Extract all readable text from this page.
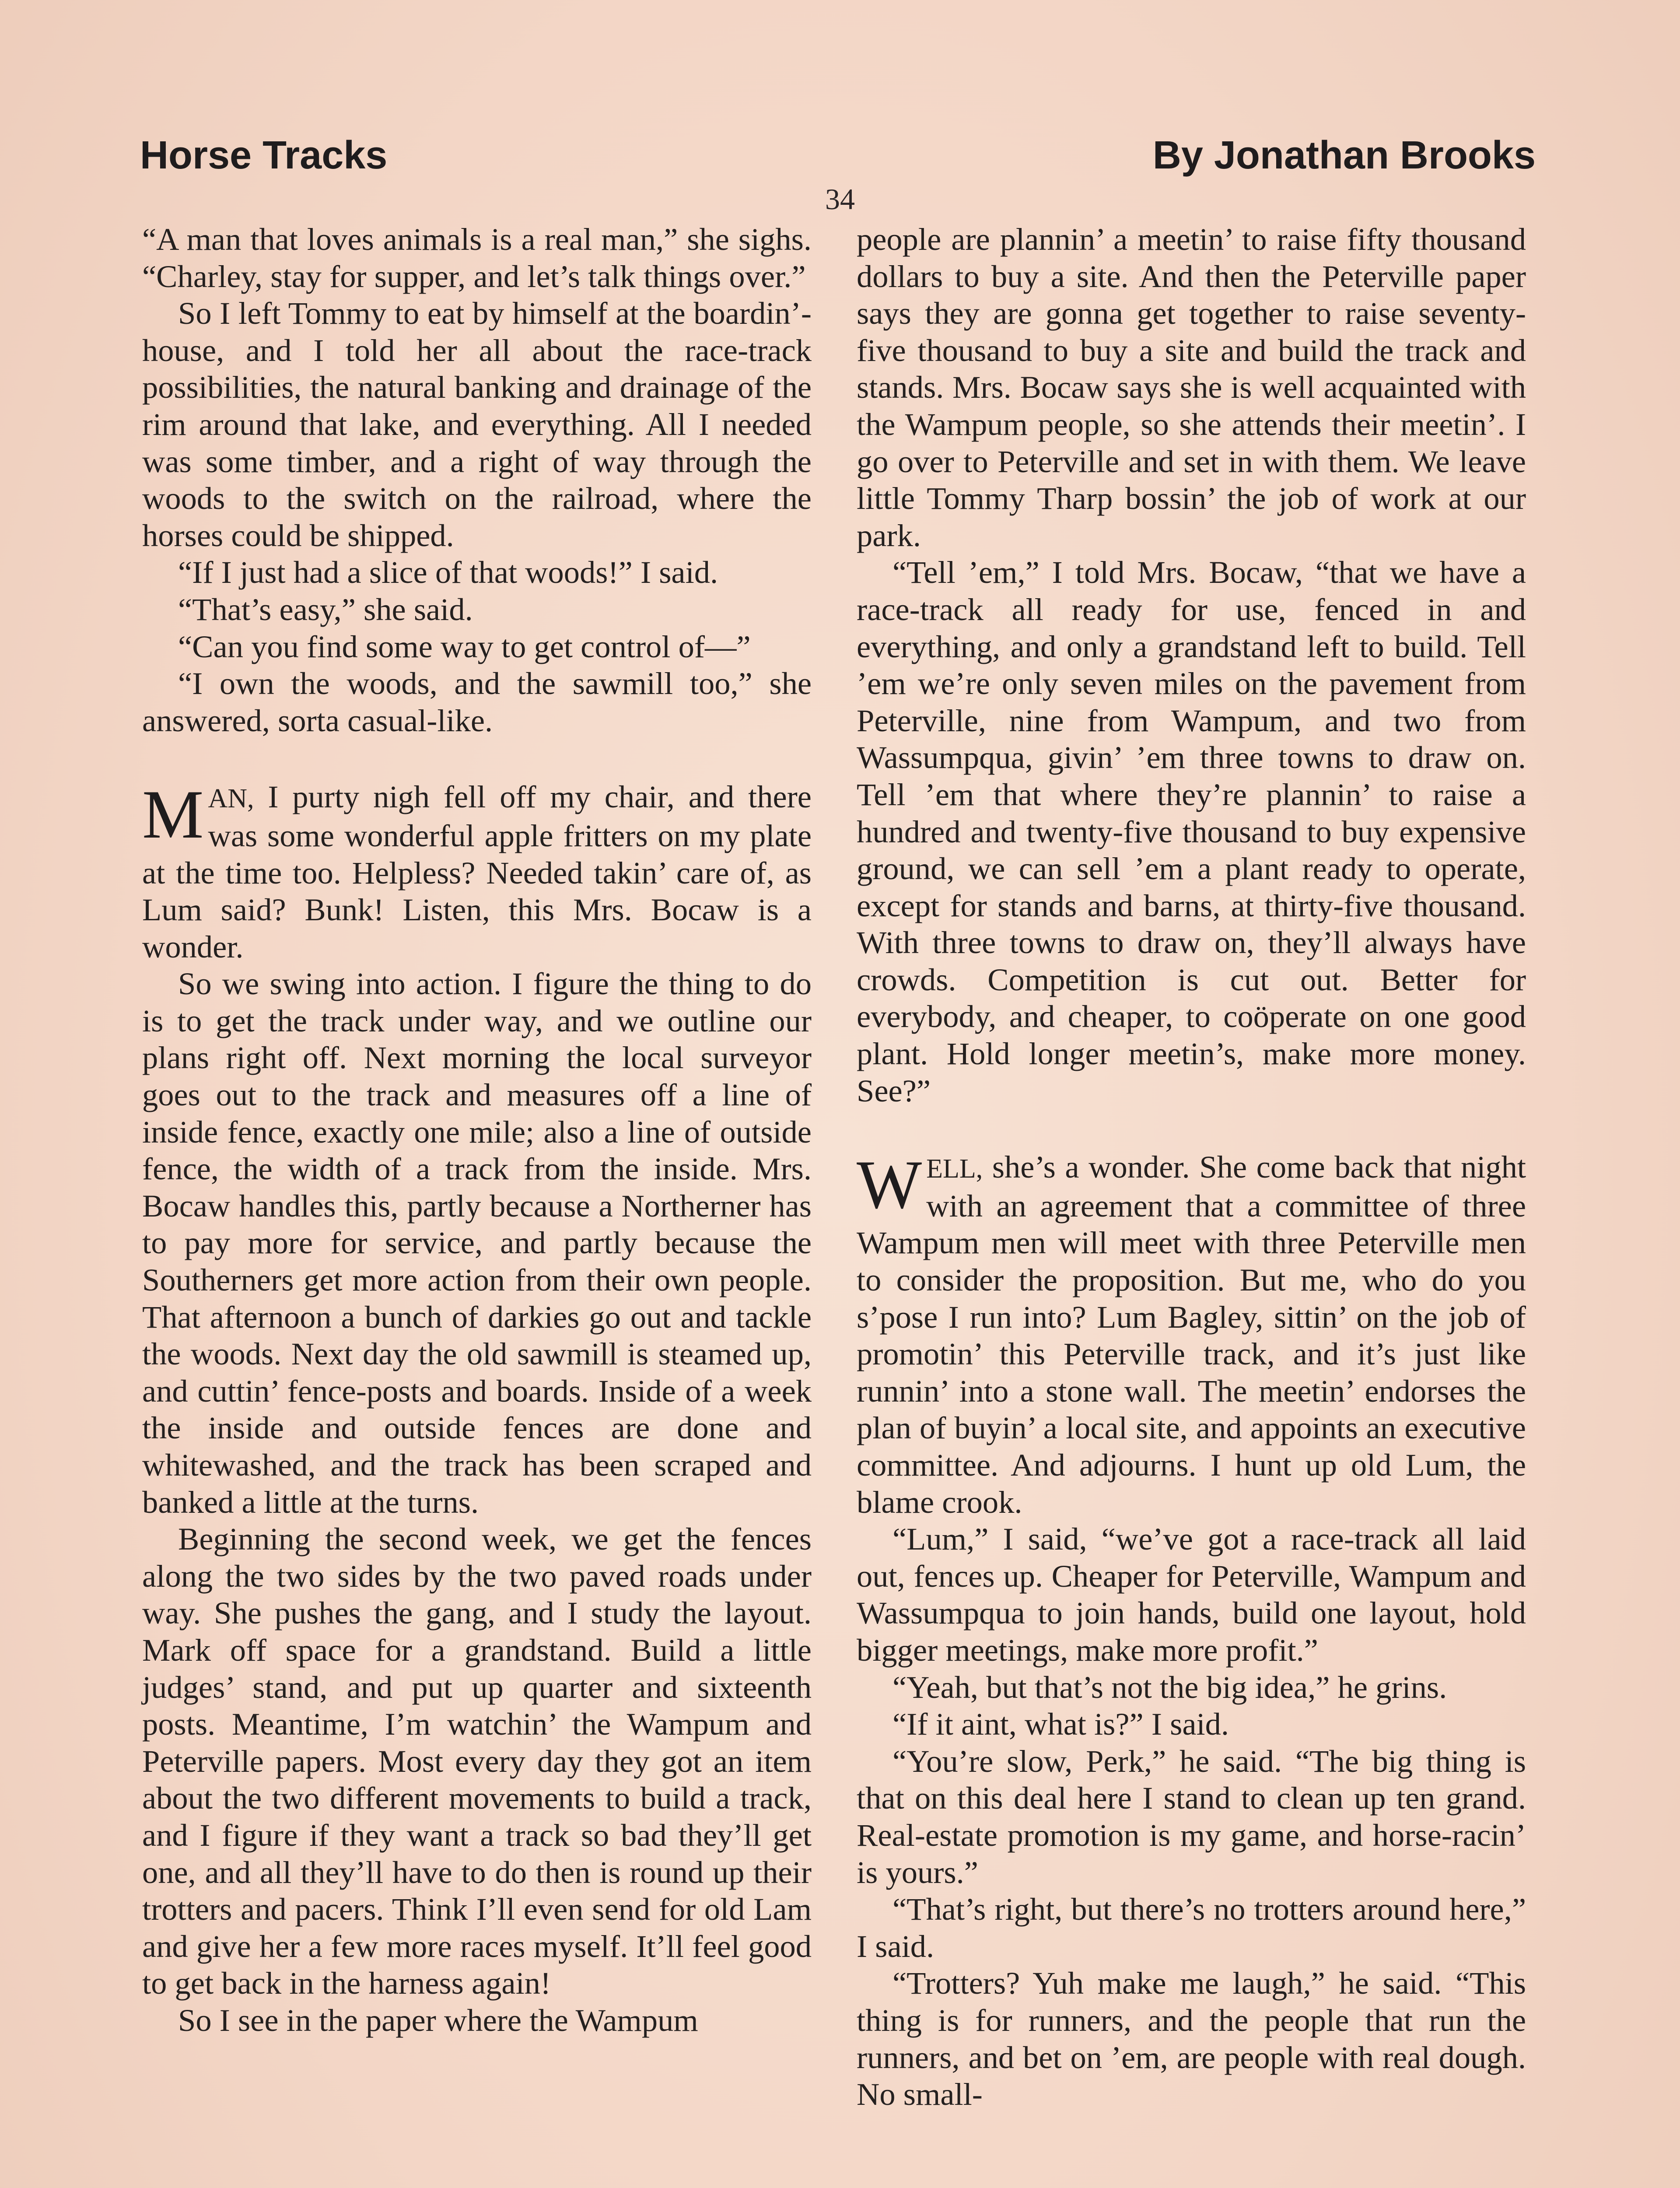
Horse Tracks	By Jonathan Brooks
34

“A man that loves animals is a real man,” she sighs. “Charley, stay for supper, and let’s talk things over.”

So I left Tommy to eat by himself at the boardin’-house, and I told her all about the race-track possibilities, the natural banking and drainage of the rim around that lake, and everything. All I needed was some timber, and a right of way through the woods to the switch on the railroad, where the horses could be shipped.

“If I just had a slice of that woods!” I said.

“That’s easy,” she said.

“Can you find some way to get control of—”

“I own the woods, and the sawmill too,” she answered, sorta casual-like.

MAN, I purty nigh fell off my chair, and there was some wonderful apple fritters on my plate at the time too. Helpless? Needed takin’ care of, as Lum said? Bunk! Listen, this Mrs. Bocaw is a wonder.

So we swing into action. I figure the thing to do is to get the track under way, and we outline our plans right off. Next morning the local surveyor goes out to the track and measures off a line of inside fence, exactly one mile; also a line of outside fence, the width of a track from the inside. Mrs. Bocaw handles this, partly because a Northerner has to pay more for service, and partly because the Southerners get more action from their own people. That afternoon a bunch of darkies go out and tackle the woods. Next day the old sawmill is steamed up, and cuttin’ fence-posts and boards. Inside of a week the inside and outside fences are done and whitewashed, and the track has been scraped and banked a little at the turns.

Beginning the second week, we get the fences along the two sides by the two paved roads under way. She pushes the gang, and I study the layout. Mark off space for a grandstand. Build a little judges’ stand, and put up quarter and sixteenth posts. Meantime, I’m watchin’ the Wampum and Peterville papers. Most every day they got an item about the two different movements to build a track, and I figure if they want a track so bad they’ll get one, and all they’ll have to do then is round up their trotters and pacers. Think I’ll even send for old Lam and give her a few more races myself. It’ll feel good to get back in the harness again!

So I see in the paper where the Wampum

people are plannin’ a meetin’ to raise fifty thousand dollars to buy a site. And then the Peterville paper says they are gonna get together to raise seventy-five thousand to buy a site and build the track and stands. Mrs. Bocaw says she is well acquainted with the Wampum people, so she attends their meetin’. I go over to Peterville and set in with them. We leave little Tommy Tharp bossin’ the job of work at our park.

“Tell ’em,” I told Mrs. Bocaw, “that we have a race-track all ready for use, fenced in and everything, and only a grandstand left to build. Tell ’em we’re only seven miles on the pavement from Peterville, nine from Wampum, and two from Wassumpqua, givin’ ’em three towns to draw on. Tell ’em that where they’re plannin’ to raise a hundred and twenty-five thousand to buy expensive ground, we can sell ’em a plant ready to operate, except for stands and barns, at thirty-five thousand. With three towns to draw on, they’ll always have crowds. Competition is cut out. Better for everybody, and cheaper, to coöperate on one good plant. Hold longer meetin’s, make more money. See?”

WELL, she’s a wonder. She come back that night with an agreement that a committee of three Wampum men will meet with three Peterville men to consider the proposition. But me, who do you s’pose I run into? Lum Bagley, sittin’ on the job of promotin’ this Peterville track, and it’s just like runnin’ into a stone wall. The meetin’ endorses the plan of buyin’ a local site, and appoints an executive committee. And adjourns. I hunt up old Lum, the blame crook.

“Lum,” I said, “we’ve got a race-track all laid out, fences up. Cheaper for Peterville, Wampum and Wassumpqua to join hands, build one layout, hold bigger meetings, make more profit.”

“Yeah, but that’s not the big idea,” he grins.

“If it aint, what is?” I said.

“You’re slow, Perk,” he said. “The big thing is that on this deal here I stand to clean up ten grand. Real-estate promotion is my game, and horse-racin’ is yours.”

“That’s right, but there’s no trotters around here,” I said.

“Trotters? Yuh make me laugh,” he said. “This thing is for runners, and the people that run the runners, and bet on ’em, are people with real dough. No small-
